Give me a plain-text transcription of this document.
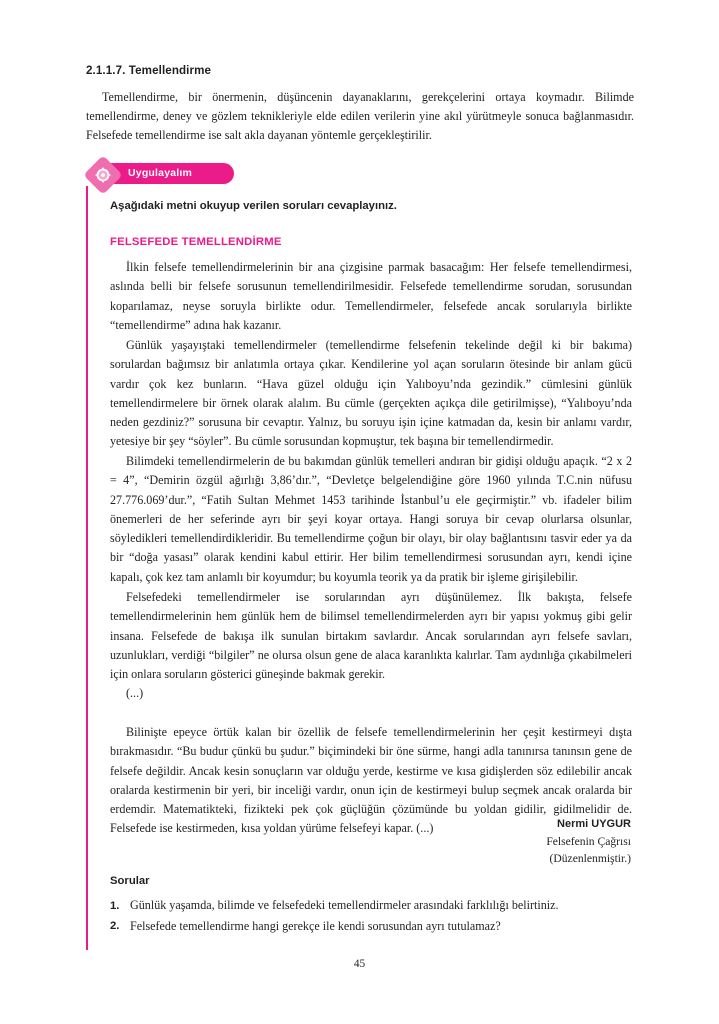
2.1.1.7. Temellendirme
Temellendirme, bir önermenin, düşüncenin dayanaklarını, gerekçelerini ortaya koymadır. Bilimde temellendirme, deney ve gözlem teknikleriyle elde edilen verilerin yine akıl yürütmeyle sonuca bağlanmasıdır. Felsefede temellendirme ise salt akla dayanan yöntemle gerçekleştirilir.
Uygulayalım
Aşağıdaki metni okuyup verilen soruları cevaplayınız.
FELSEFEDE TEMELLENDİRME

İlkin felsefe temellendirmelerinin bir ana çizgisine parmak basacağım: Her felsefe temellendirmesi, aslında belli bir felsefe sorusunun temellendirilmesidir. Felsefede temellendirme sorudan, sorusundan koparılamaz, neyse soruyla birlikte odur. Temellendirmeler, felsefede ancak sorularıyla birlikte “temellendirme” adına hak kazanır.

Günlük yaşayıştaki temellendirmeler (temellendirme felsefenin tekelinde değil ki bir bakıma) sorulardan bağımsız bir anlatımla ortaya çıkar. Kendilerine yol açan soruların ötesinde bir anlam gücü vardır çok kez bunların. “Hava güzel olduğu için Yalıboyu’nda gezindik.” cümlesini günlük temellendirmelere bir örnek olarak alalım. Bu cümle (gerçekten açıkça dile getirilmişse), “Yalıboyu’nda neden gezdiniz?” sorusuna bir cevaptır. Yalnız, bu soruyu işin içine katmadan da, kesin bir anlamı vardır, yetesiye bir şey “söyler”. Bu cümle sorusundan kopmuştur, tek başına bir temellendirmedir.

Bilimdeki temellendirmelerin de bu bakımdan günlük temelleri andıran bir gidişi olduğu apaçık. “2 x 2 = 4”, “Demirin özgül ağırlığı 3,86’dır.”, “Devletçe belgelendiğine göre 1960 yılında T.C.nin nüfusu 27.776.069’dur.”, “Fatih Sultan Mehmet 1453 tarihinde İstanbul’u ele geçirmiştir.” vb. ifadeler bilim önemerleri de her seferinde ayrı bir şeyi koyar ortaya. Hangi soruya bir cevap olurlarsa olsunlar, söyledikleri temellendirdikleridir. Bu temellendirme çoğun bir olayı, bir olay bağlantısını tasvir eder ya da bir “doğa yasası” olarak kendini kabul ettirir. Her bilim temellendirmesi sorusundan ayrı, kendi içine kapalı, çok kez tam anlamlı bir koyumdur; bu koyumla teorik ya da pratik bir işleme girişilebilir.

Felsefedeki temellendirmeler ise sorularından ayrı düşünülemez. İlk bakışta, felsefe temellendirmelerinin hem günlük hem de bilimsel temellendirmelerden ayrı bir yapısı yokmuş gibi gelir insana. Felsefede de bakışa ilk sunulan birtakım savlardır. Ancak sorularından ayrı felsefe savları, uzunlukları, verdiği “bilgiler” ne olursa olsun gene de alaca karanlıkta kalırlar. Tam aydınlığa çıkabilmeleri için onlara soruların gösterici güneşinde bakmak gerekir.

(...)

Bilinişte epeyce örtük kalan bir özellik de felsefe temellendirmelerinin her çeşit kestirmeyi dışta bırakmasıdır. “Bu budur çünkü bu şudur.” biçimindeki bir öne sürme, hangi adla tanınırsa tanınsın gene de felsefe değildir. Ancak kesin sonuçların var olduğu yerde, kestirme ve kısa gidişlerden söz edilebilir ancak oralarda kestirmenin bir yeri, bir inceliği vardır, onun için de kestirmeyi bulup seçmek ancak oralarda bir erdemdir. Matematikteki, fizikteki pek çok güçlüğün çözümünde bu yoldan gidilir, gidilmelidir de. Felsefede ise kestirmeden, kısa yoldan yürüme felsefeyi kapar. (...)	Nermi UYGUR
Felsefenin Çağrısı
(Düzenlenmiştir.)
Sorular
1. Günlük yaşamda, bilimde ve felsefedeki temellendirmeler arasındaki farklılığı belirtiniz.
2. Felsefede temellendirme hangi gerekçe ile kendi sorusundan ayrı tutulamaz?
45
